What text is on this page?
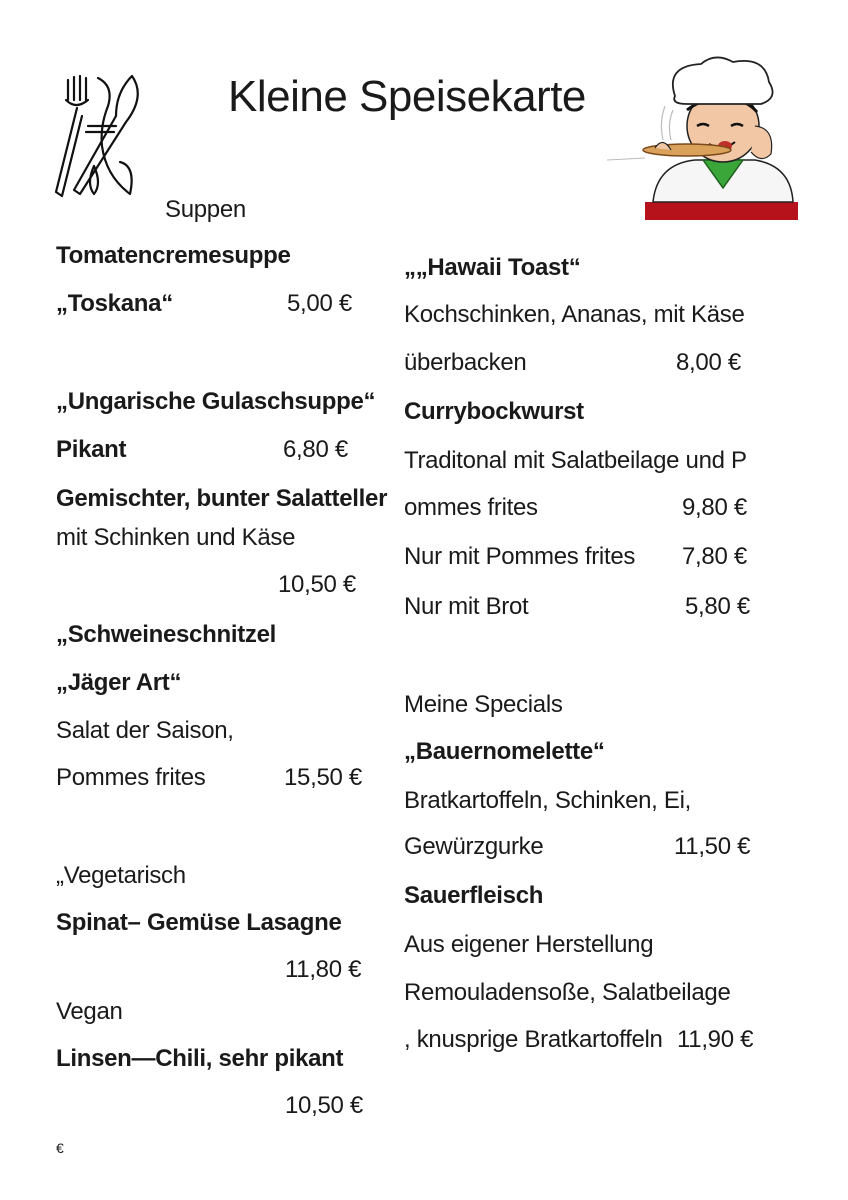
Kleine Speisekarte
Suppen
Tomatencremesuppe
„Toskana“	5,00 €
„Ungarische Gulaschsuppe“
Pikant	6,80 €
Gemischter, bunter Salatteller
mit Schinken und Käse
10,50 €
„Schweineschnitzel
„Jäger Art“
Salat der Saison,
Pommes frites	15,50 €
„Vegetarisch
Spinat– Gemüse Lasagne
11,80 €
Vegan
Linsen—Chili, sehr pikant
10,50 €
€
„„Hawaii Toast“
Kochschinken, Ananas, mit Käse
überbacken	8,00 €
Currybockwurst
Traditonal mit Salatbeilage und P
ommes frites	9,80 €
Nur mit Pommes frites 7,80 €
Nur mit Brot	5,80 €
Meine Specials
„Bauernomelette“
Bratkartoffeln, Schinken, Ei,
Gewürzgurke	11,50 €
Sauerfleisch
Aus eigener Herstellung
Remouladensoße, Salatbeilage
, knusprige Bratkartoffeln 11,90 €
